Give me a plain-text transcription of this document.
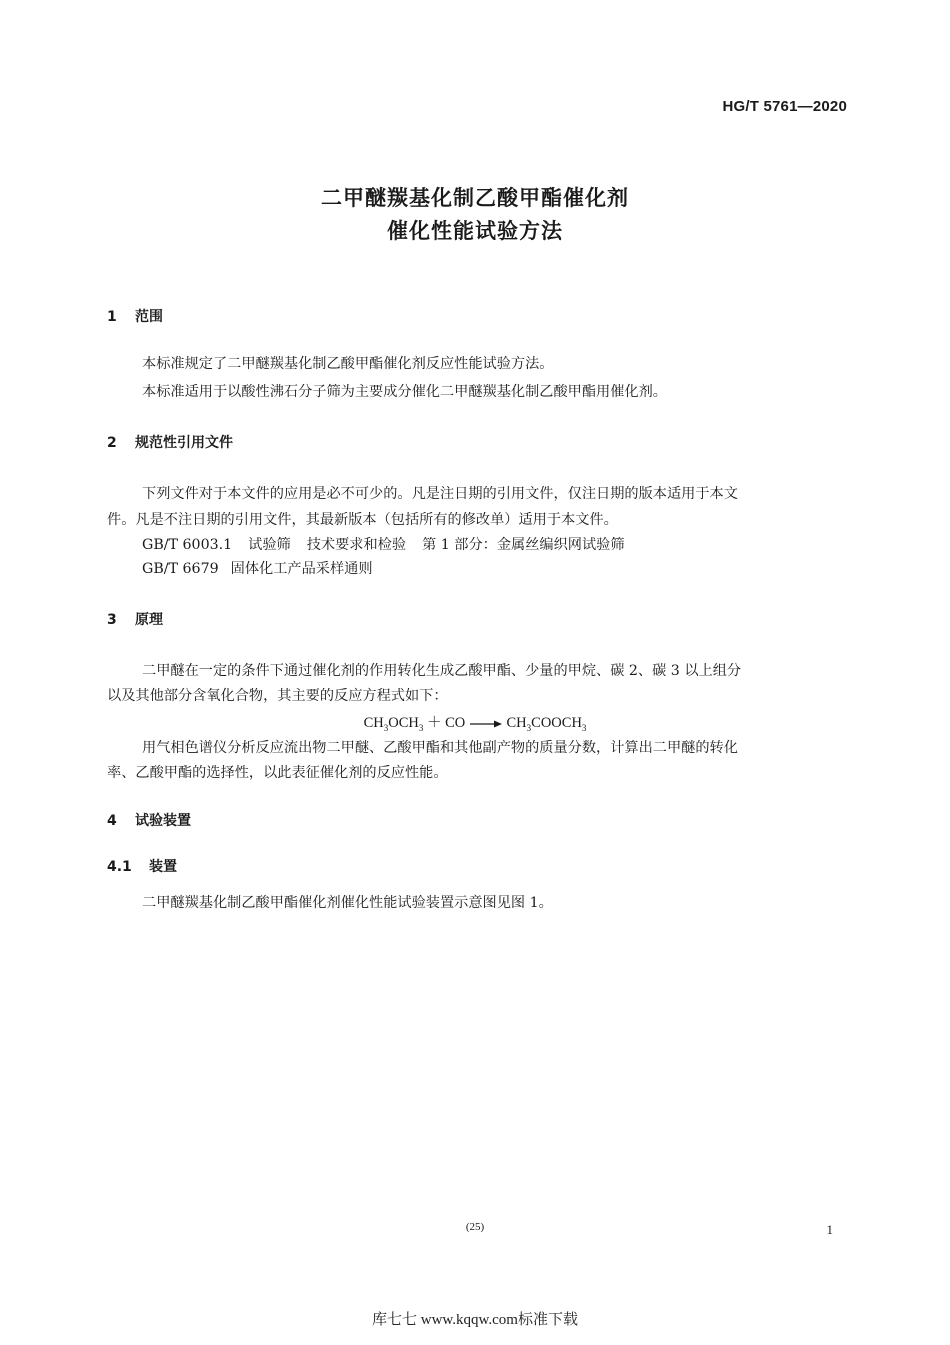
HG/T 5761—2020
二甲醚羰基化制乙酸甲酯催化剂
催化性能试验方法
1 范围
本标准规定了二甲醚羰基化制乙酸甲酯催化剂反应性能试验方法。
本标准适用于以酸性沸石分子筛为主要成分催化二甲醚羰基化制乙酸甲酯用催化剂。
2 规范性引用文件
下列文件对于本文件的应用是必不可少的。凡是注日期的引用文件，仅注日期的版本适用于本文
件。凡是不注日期的引用文件，其最新版本（包括所有的修改单）适用于本文件。
GB/T 6003.1 试验筛 技术要求和检验 第 1 部分：金属丝编织网试验筛
GB/T 6679 固体化工产品采样通则
3 原理
二甲醚在一定的条件下通过催化剂的作用转化生成乙酸甲酯、少量的甲烷、碳 2、碳 3 以上组分
以及其他部分含氧化合物，其主要的反应方程式如下：
$CH_3OCH_3$ ＋ CO → $CH_3COOCH_3$
用气相色谱仪分析反应流出物二甲醚、乙酸甲酯和其他副产物的质量分数，计算出二甲醚的转化
率、乙酸甲酯的选择性，以此表征催化剂的反应性能。
4 试验装置
4.1 装置
二甲醚羰基化制乙酸甲酯催化剂催化性能试验装置示意图见图 1。
(25)	1
库七七 www.kqqw.com标准下载
